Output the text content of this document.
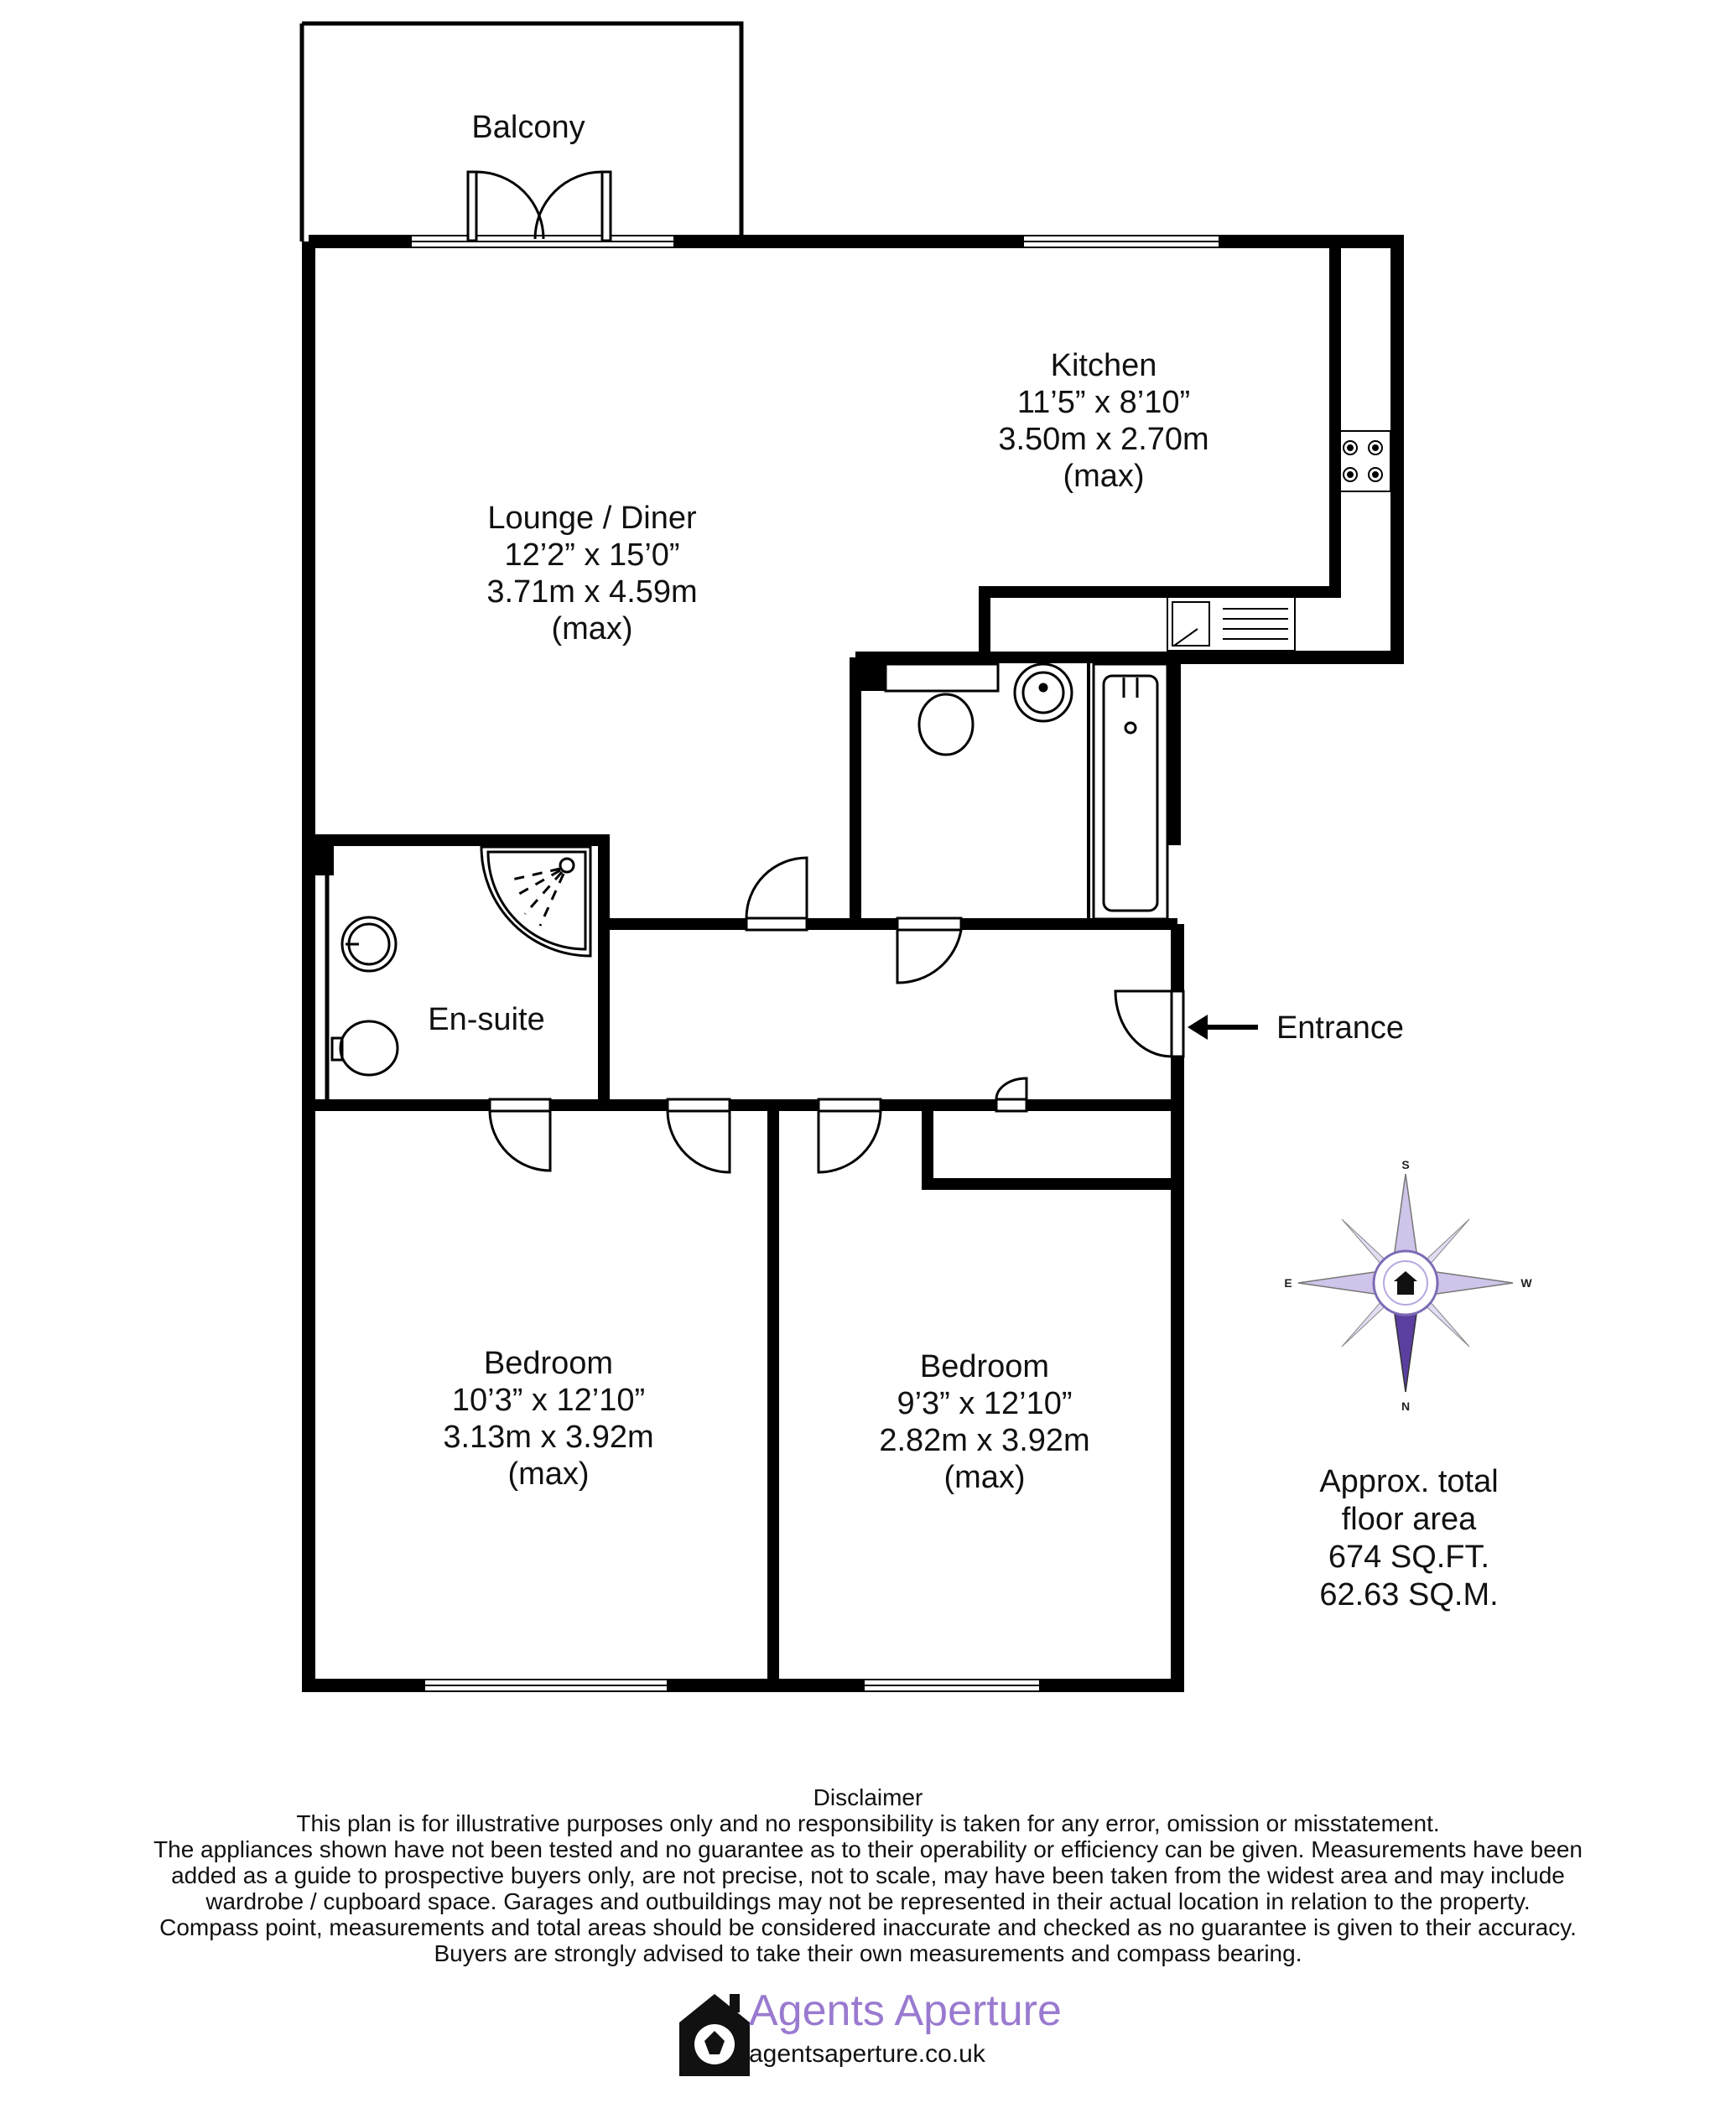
Balcony
Kitchen
11’5” x 8’10”
3.50m x 2.70m
(max)
Lounge / Diner
12’2” x 15’0”
3.71m x 4.59m
(max)
En-suite
Bedroom
10’3” x 12’10”
3.13m x 3.92m
(max)
Bedroom
9’3” x 12’10”
2.82m x 3.92m
(max)
Entrance
S
W
E
N
Approx. total
floor area
674 SQ.FT.
62.63 SQ.M.
Disclaimer
This plan is for illustrative purposes only and no responsibility is taken for any error, omission or misstatement.
The appliances shown have not been tested and no guarantee as to their operability or efficiency can be given. Measurements have been
added as a guide to prospective buyers only, are not precise, not to scale, may have been taken from the widest area and may include
wardrobe / cupboard space. Garages and outbuildings may not be represented in their actual location in relation to the property.
Compass point, measurements and total areas should be considered inaccurate and checked as no guarantee is given to their accuracy.
Buyers are strongly advised to take their own measurements and compass bearing.
Agents Aperture
agentsaperture.co.uk
